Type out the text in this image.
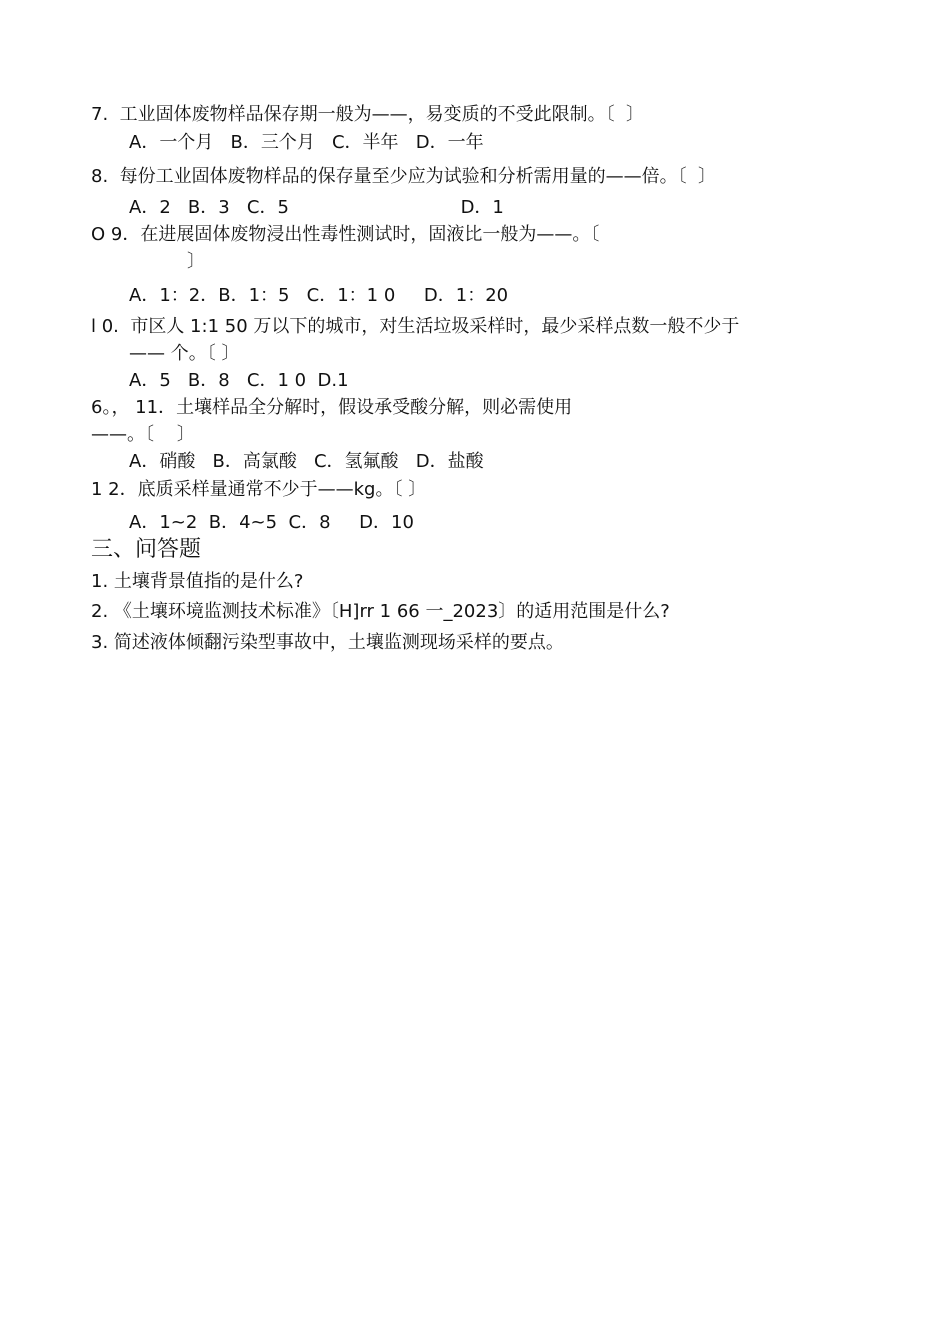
7.  工业固体废物样品保存期一般为——，易变质的不受此限制。〔  〕
A．一个月   B．三个月   C．半年   D．一年
8.  每份工业固体废物样品的保存量至少应为试验和分析需用量的——倍。〔  〕
A．2   B．3   C．5                              D．1
O 9．在进展固体废物浸出性毒性测试时，固液比一般为——。〔
〕
A．1：2．B．1：5   C．1：1 0     D．1：20
l 0.  市区人 1:1 50 万以下的城市，对生活垃圾采样时，最少采样点数一般不少于
—— 个。〔 〕
A．5   B．8   C．1 0  D.1
6。， 11．土壤样品全分解时，假设承受酸分解，则必需使用
——。〔    〕
A．硝酸   B．高氯酸   C．氢氟酸   D．盐酸
1 2．底质采样量通常不少于——kg。〔 〕
A．1~2  B．4~5  C．8     D．10
三、问答题
1. 土壤背景值指的是什么?
2. 《土壤环境监测技术标准》〔H]rr 1 66 一_2023〕的适用范围是什么?
3. 简述液体倾翻污染型事故中，土壤监测现场采样的要点。
